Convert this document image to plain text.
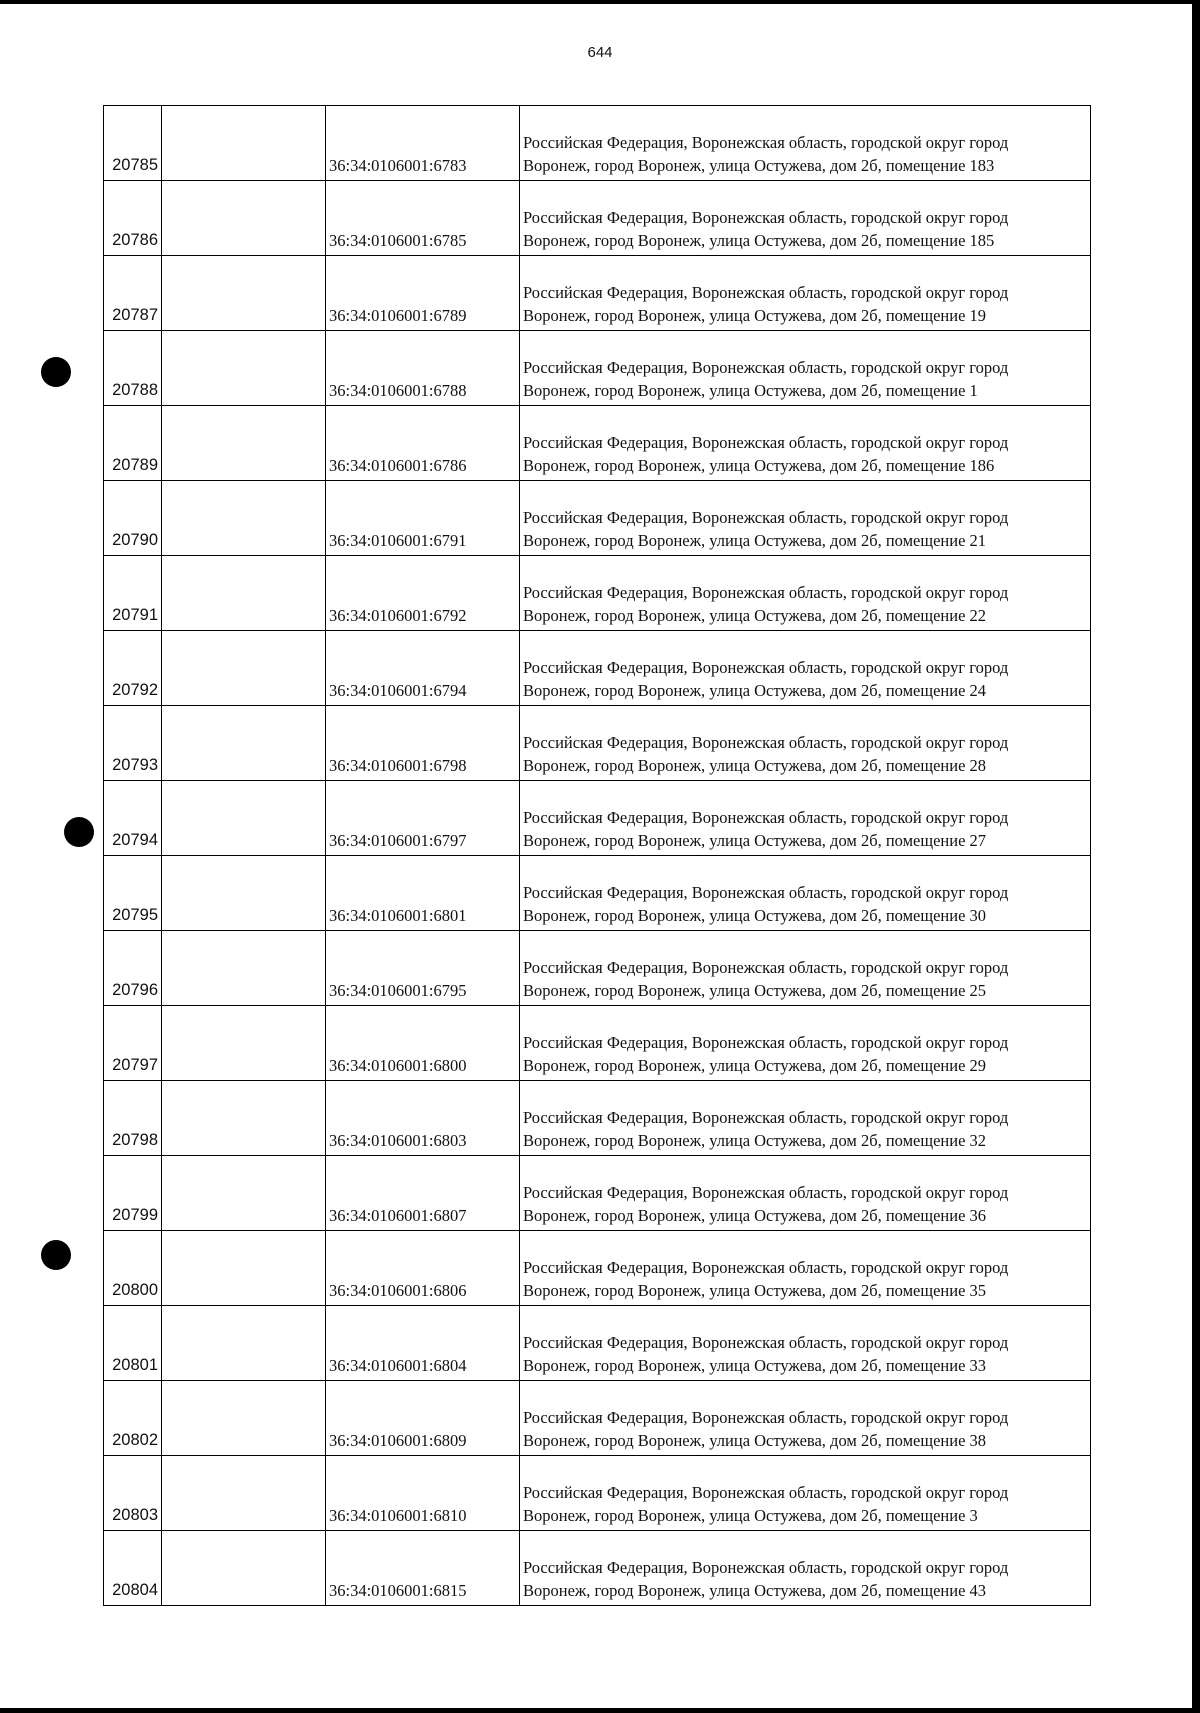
644
20785		36:34:0106001:6783	Российская Федерация, Воронежская область, городской округ город
Воронеж, город Воронеж, улица Остужева, дом 2б, помещение 183

20786		36:34:0106001:6785	Российская Федерация, Воронежская область, городской округ город
Воронеж, город Воронеж, улица Остужева, дом 2б, помещение 185

20787		36:34:0106001:6789	Российская Федерация, Воронежская область, городской округ город
Воронеж, город Воронеж, улица Остужева, дом 2б, помещение 19

20788		36:34:0106001:6788	Российская Федерация, Воронежская область, городской округ город
Воронеж, город Воронеж, улица Остужева, дом 2б, помещение 1

20789		36:34:0106001:6786	Российская Федерация, Воронежская область, городской округ город
Воронеж, город Воронеж, улица Остужева, дом 2б, помещение 186

20790		36:34:0106001:6791	Российская Федерация, Воронежская область, городской округ город
Воронеж, город Воронеж, улица Остужева, дом 2б, помещение 21

20791		36:34:0106001:6792	Российская Федерация, Воронежская область, городской округ город
Воронеж, город Воронеж, улица Остужева, дом 2б, помещение 22

20792		36:34:0106001:6794	Российская Федерация, Воронежская область, городской округ город
Воронеж, город Воронеж, улица Остужева, дом 2б, помещение 24

20793		36:34:0106001:6798	Российская Федерация, Воронежская область, городской округ город
Воронеж, город Воронеж, улица Остужева, дом 2б, помещение 28

20794		36:34:0106001:6797	Российская Федерация, Воронежская область, городской округ город
Воронеж, город Воронеж, улица Остужева, дом 2б, помещение 27

20795		36:34:0106001:6801	Российская Федерация, Воронежская область, городской округ город
Воронеж, город Воронеж, улица Остужева, дом 2б, помещение 30

20796		36:34:0106001:6795	Российская Федерация, Воронежская область, городской округ город
Воронеж, город Воронеж, улица Остужева, дом 2б, помещение 25

20797		36:34:0106001:6800	Российская Федерация, Воронежская область, городской округ город
Воронеж, город Воронеж, улица Остужева, дом 2б, помещение 29

20798		36:34:0106001:6803	Российская Федерация, Воронежская область, городской округ город
Воронеж, город Воронеж, улица Остужева, дом 2б, помещение 32

20799		36:34:0106001:6807	Российская Федерация, Воронежская область, городской округ город
Воронеж, город Воронеж, улица Остужева, дом 2б, помещение 36

20800		36:34:0106001:6806	Российская Федерация, Воронежская область, городской округ город
Воронеж, город Воронеж, улица Остужева, дом 2б, помещение 35

20801		36:34:0106001:6804	Российская Федерация, Воронежская область, городской округ город
Воронеж, город Воронеж, улица Остужева, дом 2б, помещение 33

20802		36:34:0106001:6809	Российская Федерация, Воронежская область, городской округ город
Воронеж, город Воронеж, улица Остужева, дом 2б, помещение 38

20803		36:34:0106001:6810	Российская Федерация, Воронежская область, городской округ город
Воронеж, город Воронеж, улица Остужева, дом 2б, помещение 3

20804		36:34:0106001:6815	Российская Федерация, Воронежская область, городской округ город
Воронеж, город Воронеж, улица Остужева, дом 2б, помещение 43
